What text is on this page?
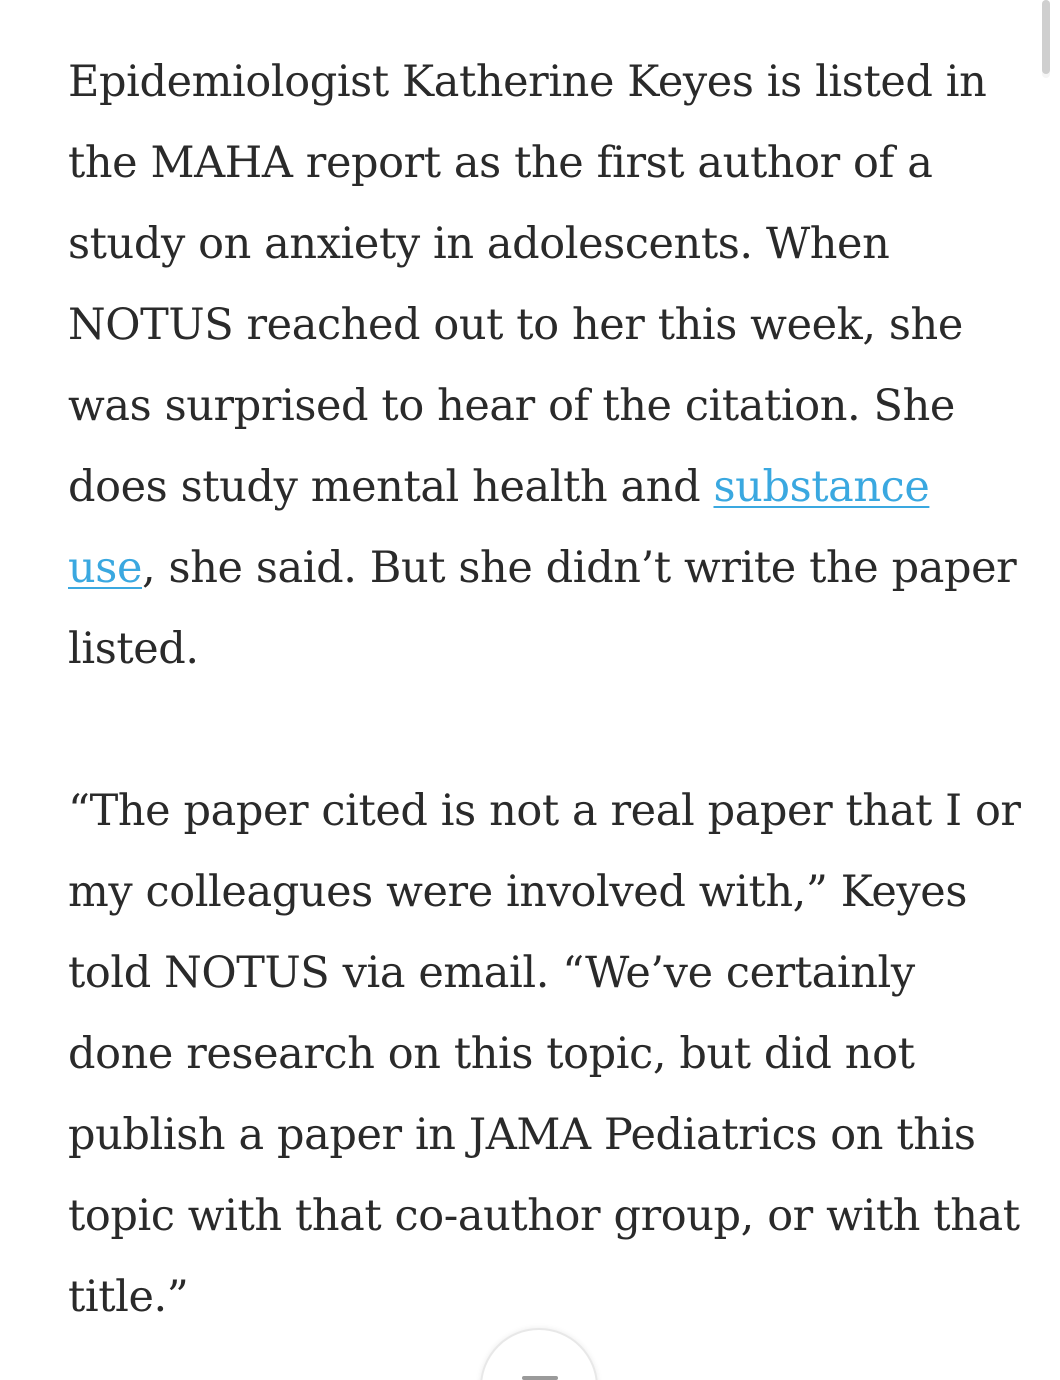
Epidemiologist Katherine Keyes is listed in the MAHA report as the first author of a study on anxiety in adolescents. When NOTUS reached out to her this week, she was surprised to hear of the citation. She does study mental health and substance use, she said. But she didn’t write the paper listed.

“The paper cited is not a real paper that I or my colleagues were involved with,” Keyes told NOTUS via email. “We’ve certainly done research on this topic, but did not publish a paper in JAMA Pediatrics on this topic with that co-author group, or with that title.”
